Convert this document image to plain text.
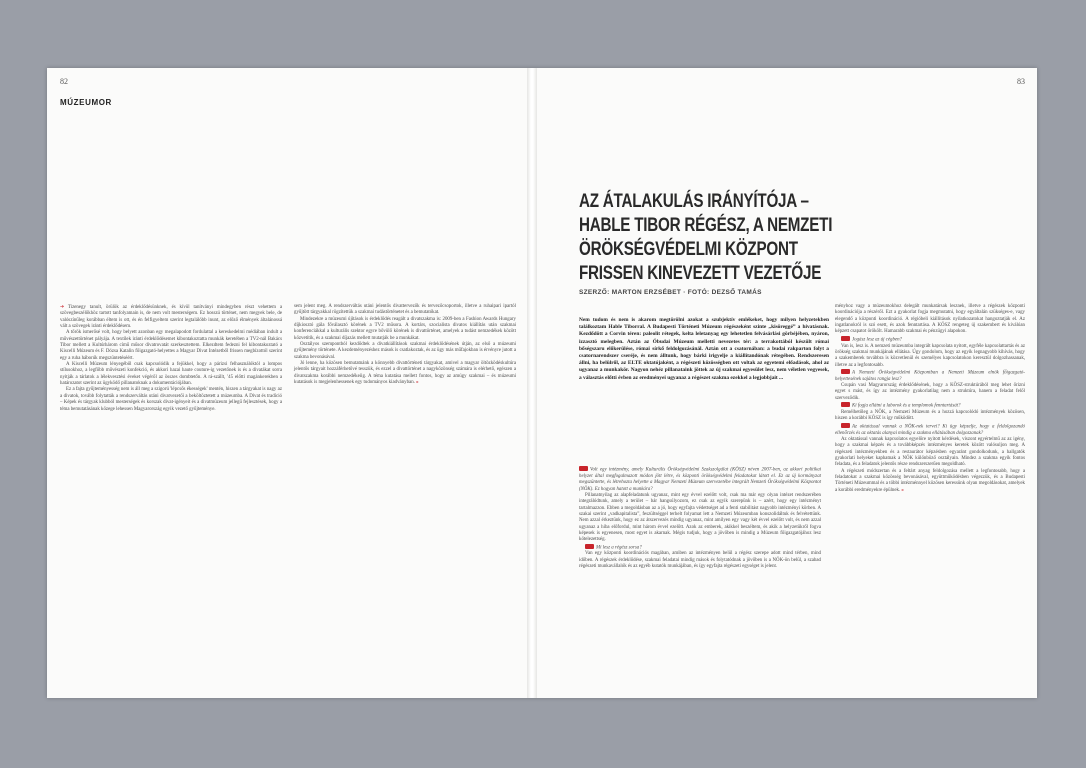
82
MÚZEUMOR

➔ Tizenegy tanult, örülök az érdeklődésünknek, és kívül tanítványi mindegyben részt vehettem a szövegbeszélőkhöz tartott tanfolyamain is, de nem volt mesterségem. Ez hosszú történet, nem megyek bele, de valószínűleg korábban éltem is ott, és én felfigyeltem szerint legtalálóbb inunt, az előző élmények általánossá vált a szövegek iránti érdeklődésem.

A tőrök ismerősé volt, hogy belyett azonban egy megalapodott fordulattal a kereskedelmi médiában indult a művészettörténet pályája. A textilek iránti érdeklődésemet kibontakoztatta munkák keretében a TV2-nál Bakács Tibor mellett a Kultúrhárom című műsor divatrovatát szerkesztettem. Elkezdtem fedezni fel kibontakoztató a Kiscelli Múzeum és F. Dózsa Katalin főigazgató-helyettes a Magyar Divat Intézetből frissen megbízottól szerint egy a ruha háborúk megszüntetéséért.

A Kiscelli Múzeum lényegéből csak kapcsolódik a fejükkel, hogy a párizsi felhasználóktól a lompos stílusokhoz, a legfőbb művészeti konfekció, és akkori hazai haute couture-ig vezetőnek is és a divatákat sorra nyitják a tárlatok a lélekvesztési éveket végéről az összes dombtetőn. A rá-szállt, '45 előtti magánkerekben a határozatot szerint az ügyködő pillanatoknak a dokumentációjában.

Ez a fajta gyűjteményesség nem is áll meg a szigorú 'lépcsős ékességek' mentén, hiszen a tárgyakat is nagy az a divatok, tovább folytatták a rendszerváltás utáni divatvezetői a beköltöztetett a múzeumba. A Divat és tradíció – Képek és tárgyak klubból mesterségek és korszak divat-igényeit és a divatmúzeum jellegű fejlesztések, hogy a téma bemutatásának közege lehessen Magyarország egyik vezető gyűjteménye.

sem jelent meg. A rendszerváltás utáni jelentős divattervezők és tervezőcsoportok, illetve a ruhaipari ipartól gyűjtött tárgyakkal rögzítettük a szakmai tudástörténetet és a bemutatókat.

Mindezekre a múzeumi újítások is érdeklődés reagált a divatszakma is: 2009-ben a Fashion Awards Hungary díjkiosztó gála főválasztó körének a TV2 műsora. A kortárs, szocialista divatos kiállítás után szakmai konferenciákkal a kulturális szektor egyre bővülő körének is divattörténet, amelyek a tudást nemzedékek között közvetítik, és a szakmai díjazás mellett mutatják be a munkákat.

Osztályos szempontból kezdődtek a divatkiállítások szakmai érdeklődésének útján, az első a múzeumi gyűjtemény története. A kezdeményezéshez mások is csatlakoztak, és az ügy más műfajokban is érvényre jutott a szakma bevonásával.

Jó lenne, ha közösen bemutatnánk a könnyebb divattörténeti tárgyakat, amivel a magyar öltözködéskultúra jelentős tárgyait hozzáférhetővé tesszük, és ezzel a divattörténet a nagyközönség számára is elérhető, egészen a divatszakma korábbi nemzedékeiig. A téma kutatása mellett fontos, hogy az amúgy szakmai – és múzeumi kutatások is megjelenhessenek egy tudományos kiadványban. »

83
AZ ÁTALAKULÁS IRÁNYÍTÓJA – HABLE TIBOR RÉGÉSZ, A NEMZETI ÖRÖKSÉGVÉDELMI KÖZPONT FRISSEN KINEVEZETT VEZETŐJE
SZERZŐ: MARTON ERZSÉBET · FOTÓ: DEZSŐ TAMÁS
Nem tudom és nem is akarom megtörölni azokat a szubjektív emlékeket, hogy milyen helyzetekben találkoztam Hable Tiborral. A Budapesti Történeti Múzeum régészeként szinte „kisöreggé” a hivatásnak. Kezdődött a Corvin téren: paleolit rétegek, kelta leletanyag egy lehetetlen felvásárlási görbéjében, nyáron, izzasztó melegben. Aztán az Óbudai Múzeum melletti nevezetes tér: a terrakottából készült római bőségszaru előkerülése, római sírkő feldolgozásánál. Aztán ott a csatornában: a budai rakparton folyt a csatornarendszer cseréje, és nem álltunk, hogy bárki irigyelje a kiállítandónak rétegében. Rendszeresen állni, ha belülről, az ELTE oktatójaként, a régészeti közösségben ott voltak az egyetemi előadások, ahol az ugyanaz a munkakör. Nagyon nehéz pillanataink jöttek az új szakmai egyesület lesz, nem véletlen vegyesek, a választás előtti évben az eredményei ugyanaz a régészet szakma ezekkel a legjobbjait ...

Volt egy intézmény, amely Kulturális Örökségvédelmi Szakszolgálat (KÖSZ) néven 2007-ben, az akkori politikai helyzet által megfogalmazott módon jött létre, és központi örökségvédelmi feladatokat látott el. Ez az új kormányzat megszüntette, és létrehozta helyette a Magyar Nemzeti Múzeum szervezetébe integrált Nemzeti Örökségvédelmi Központot (NÖK). Ez hogyan hatott a munkára?

Pillanatnyilag az alapfeladatunk ugyanaz, mint egy évvel ezelőtt volt, csak ma már egy olyan intézet rendszerében integrálódtunk, amely a terület – bár hangsúlyozom, ez csak az egyik szerepünk is – azért, hogy egy intézményt tartalmazzon. Ebben a megoldásban az a jó, hogy egyfajta védettséget ad a fenti stabilitást nagyobb intézményi körben. A szakai szerint „vadkapitalista”, feszültséggel terhelt folyamat lett a Nemzeti Múzeumban konszolidáltuk és felvétettünk. Nem azzal érkeztünk, hogy ez az átszervezés mindig ugyanaz, mint amilyen egy vagy két évvel ezelőtt volt, és nem azzal ugyanaz a hiba előfordul, mint három évvel ezelőtt. Azok az emberek, akikkel beszéltem, és akik a helyzetükről fogva képesek is egyenesen, most egyet is akarnak. Mégis tudjuk, hogy a jövőben is mindig a Múzeum főigazgatójához lesz kötelezettség.

Mi lesz a régész sorsa?

Van egy központi koordinációs magában, amiben az intézményen belül a régész szerepe adott mind térben, mind időben. A régészek érdeklődése, szakmai feladatai mindig mások és folytatódnak a jövőben is a NÖK-ön belül, a szabad régészeti munkavállalók és az egyéb kutatók munkájában, és így egyfajta régészeti egységet is jelent.

ményhoz vagy a múzeumokhoz delegált munkatársak lesznek, illetve a régészek központi koordinációja a részéről. Ezt a gyakorlat fogja megmutatni, hogy egyáltalán szükséges-e, vagy elegendő a központi koordináció. A régióbeli kiállítások nyilatkozatokat hangoztatják el. Az ingatlanokról is szó esett, és azok fenntartása. A KÖSZ rengeteg új szakembert és kiválóan képzett csapatot örökölt. Hamarabb szakmai és pénzügyi alapokon.

Jogász lesz az új cégben?

Van is, lesz is. A nemzeti múzeumba integrált kapcsolata nyitott, egyféle kapcsolattartás és az örökség szakmai munkájának ellátása. Úgy gondolom, hogy az egyik legnagyobb kihívás, hogy a szakemberek továbbra is közvetlenül és személyes kapcsolatokon keresztül dolgozhassanak, illetve az a legfontosabb.

A Nemzeti Örökségvédelmi Központban a Nemzeti Múzeum elnök főigazgató-helyettesének sajátos rangja lesz?

Csupán vasi Magyarország érdeklődésének, hogy a KÖSZ-struktúrából meg lehet őrizni egyet s mást, és így az intézmény gyakorlatilag nem a struktúra, hanem a feladat felől szerveződik.

Ki fogja ellátni a laborok és a templomok fenntartását?

Remélhetőleg a NÖK, a Nemzeti Múzeum és a hozzá kapcsolódó intézmények közösen, hiszen a korábbi KÖSZ is így működött.

Az oktatással vannak a NÖK-nek tervei? Ki ügy képzelje, hogy a feldolgozandó ellenőrzés és az oktatás alanyai mindig a szakma ellátásában dolgozzanak?

Az oktatással vannak kapcsolatos egyelőre nyitott kérdések, viszont egyértelmű az az igény, hogy a szakmai képzés és a továbbképzés intézményes keretek között valósuljon meg. A régészeti intézményekben és a restaurátor képzésben egyaránt gondolkodunk, a hallgatók gyakorlati helyeket kaphatnak a NÖK különböző osztályain. Mindez a szakma egyik fontos feladata, és a feladatok jelentős része rendszerszerűen megoldható.

A régészeti módszertan és a feltárt anyag feldolgozása mellett a legfontosabb, hogy a feladatokat a szakmai közösség bevonásával, együttműködésben végezzük, és a Budapesti Történeti Múzeummal és a többi intézménnyel közösen keressünk olyan megoldásokat, amelyek a korábbi eredményekre épülnek. »
